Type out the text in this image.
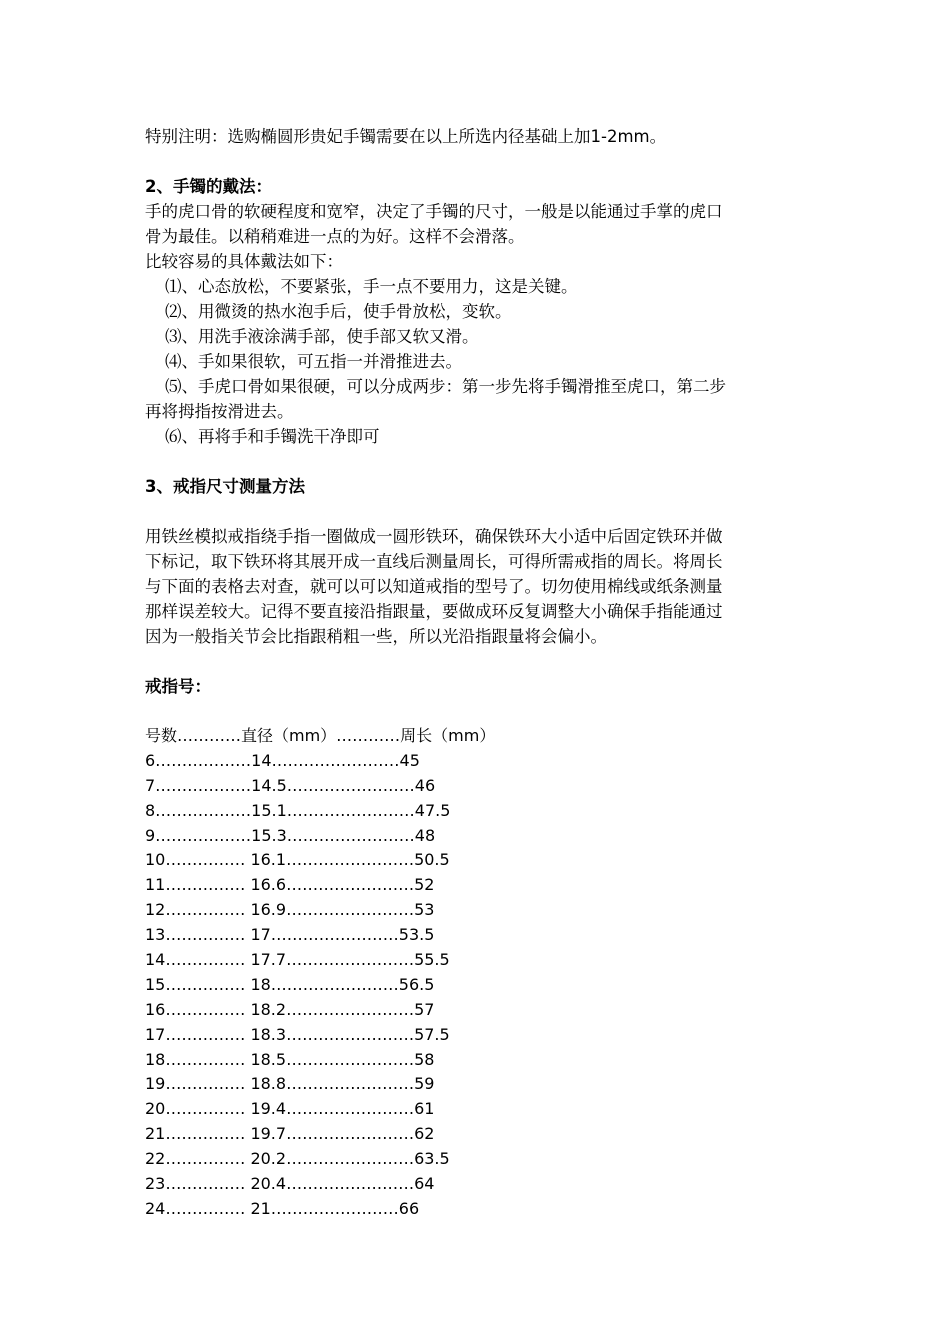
特别注明：选购椭圆形贵妃手镯需要在以上所选内径基础上加1-2mm。
2、手镯的戴法：
手的虎口骨的软硬程度和宽窄，决定了手镯的尺寸，一般是以能通过手掌的虎口
骨为最佳。以稍稍难进一点的为好。这样不会滑落。
比较容易的具体戴法如下：
⑴、心态放松，不要紧张，手一点不要用力，这是关键。
⑵、用微烫的热水泡手后，使手骨放松，变软。
⑶、用洗手液涂满手部，使手部又软又滑。
⑷、手如果很软，可五指一并滑推进去。
⑸、手虎口骨如果很硬，可以分成两步：第一步先将手镯滑推至虎口，第二步
再将拇指按滑进去。
⑹、再将手和手镯洗干净即可
3、戒指尺寸测量方法
用铁丝模拟戒指绕手指一圈做成一圆形铁环，确保铁环大小适中后固定铁环并做
下标记，取下铁环将其展开成一直线后测量周长，可得所需戒指的周长。将周长
与下面的表格去对查，就可以可以知道戒指的型号了。切勿使用棉线或纸条测量
那样误差较大。记得不要直接沿指跟量，要做成环反复调整大小确保手指能通过
因为一般指关节会比指跟稍粗一些，所以光沿指跟量将会偏小。
戒指号：
号数…………直径（mm）…………周长（mm）
6………………14……………………45
7………………14.5……………………46
8………………15.1……………………47.5
9………………15.3……………………48
10…………… 16.1……………………50.5
11…………… 16.6……………………52
12…………… 16.9……………………53
13…………… 17……………………53.5
14…………… 17.7……………………55.5
15…………… 18……………………56.5
16…………… 18.2……………………57
17…………… 18.3……………………57.5
18…………… 18.5……………………58
19…………… 18.8……………………59
20…………… 19.4……………………61
21…………… 19.7……………………62
22…………… 20.2……………………63.5
23…………… 20.4……………………64
24…………… 21……………………66
